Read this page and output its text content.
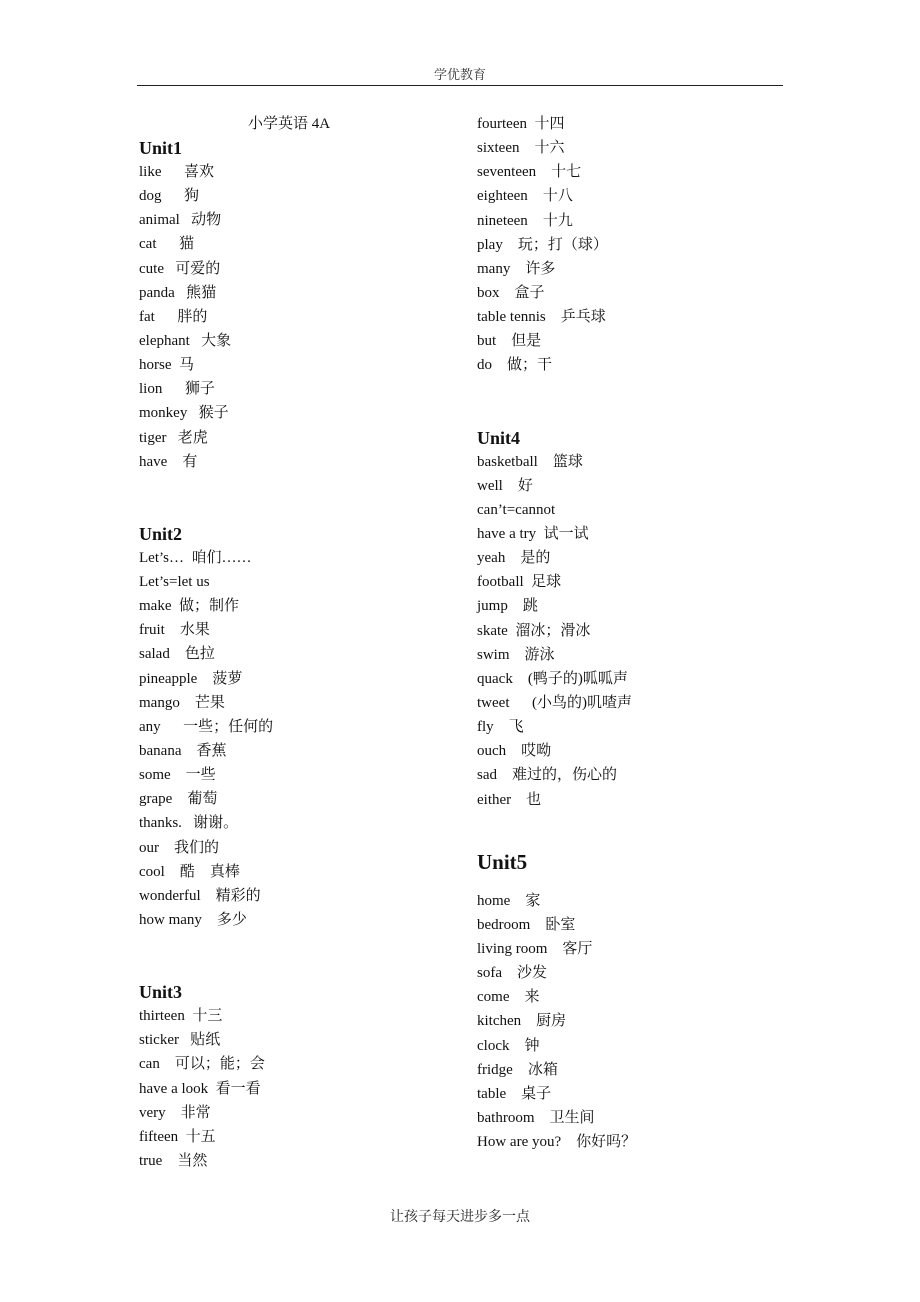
学优教育
小学英语 4A
Unit1
like 喜欢
dog 狗
animal 动物
cat 猫
cute 可爱的
panda 熊猫
fat 胖的
elephant 大象
horse 马
lion 狮子
monkey 猴子
tiger 老虎
have 有
Unit2
Let’s… 咱们……
Let’s=let us
make 做；制作
fruit 水果
salad 色拉
pineapple 菠萝
mango 芒果
any 一些；任何的
banana 香蕉
some 一些
grape 葡萄
thanks. 谢谢。
our 我们的
cool 酷    真棒
wonderful 精彩的
how many 多少
Unit3
thirteen 十三
sticker 贴纸
can 可以；能；会
have a look 看一看
very 非常
fifteen 十五
true 当然
fourteen 十四
sixteen 十六
seventeen 十七
eighteen 十八
nineteen 十九
play 玩；打（球）
many 许多
box 盒子
table tennis 乒乓球
but 但是
do 做；干
Unit4
basketball 篮球
well 好
can’t=cannot
have a try 试一试
yeah 是的
football 足球
jump 跳
skate 溜冰；滑冰
swim 游泳
quack (鸭子的)呱呱声
tweet (小鸟的)叽喳声
fly 飞
ouch 哎呦
sad 难过的，伤心的
either 也
Unit5
home 家
bedroom 卧室
living room 客厅
sofa 沙发
come 来
kitchen 厨房
clock 钟
fridge 冰箱
table 桌子
bathroom 卫生间
How are you? 你好吗？
让孩子每天进步多一点
